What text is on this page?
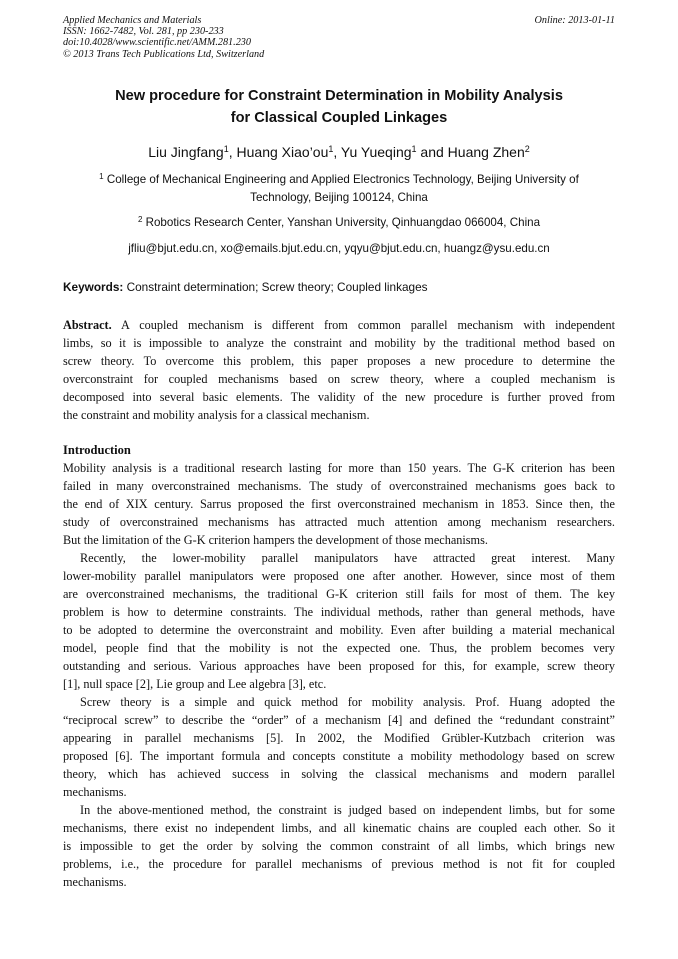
Applied Mechanics and Materials
ISSN: 1662-7482, Vol. 281, pp 230-233
doi:10.4028/www.scientific.net/AMM.281.230
© 2013 Trans Tech Publications Ltd, Switzerland
Online: 2013-01-11
New procedure for Constraint Determination in Mobility Analysis
for Classical Coupled Linkages
Liu Jingfang$^1$, Huang $Xiao’ou^1$, Yu Yueqing$^1$ and Huang Zhen$^2$
$^1$ College of Mechanical Engineering and Applied Electronics Technology, Beijing University of
Technology, Beijing 100124, China
$^2$ Robotics Research Center, Yanshan University, Qinhuangdao 066004, China
jfliu@bjut.edu.cn, xo@emails.bjut.edu.cn, yqyu@bjut.edu.cn, huangz@ysu.edu.cn
Keywords: Constraint determination; Screw theory; Coupled linkages
Abstract. A coupled mechanism is different from common parallel mechanism with independent
limbs, so it is impossible to analyze the constraint and mobility by the traditional method based on
screw theory. To overcome this problem, this paper proposes a new procedure to determine the
overconstraint for coupled mechanisms based on screw theory, where a coupled mechanism is
decomposed into several basic elements. The validity of the new procedure is further proved from
the constraint and mobility analysis for a classical mechanism.
Introduction
Mobility analysis is a traditional research lasting for more than 150 years. The G-K criterion has been
failed in many overconstrained mechanisms. The study of overconstrained mechanisms goes back to
the end of XIX century. Sarrus proposed the first overconstrained mechanism in 1853. Since then, the
study of overconstrained mechanisms has attracted much attention among mechanism researchers.
But the limitation of the G-K criterion hampers the development of those mechanisms.
Recently, the lower-mobility parallel manipulators have attracted great interest. Many
lower-mobility parallel manipulators were proposed one after another. However, since most of them
are overconstrained mechanisms, the traditional G-K criterion still fails for most of them. The key
problem is how to determine constraints. The individual methods, rather than general methods, have
to be adopted to determine the overconstraint and mobility. Even after building a material mechanical
model, people find that the mobility is not the expected one. Thus, the problem becomes very
outstanding and serious. Various approaches have been proposed for this, for example, screw theory
[1], null space [2], Lie group and Lee algebra [3], etc.
Screw theory is a simple and quick method for mobility analysis. Prof. Huang adopted the
“reciprocal screw” to describe the “order” of a mechanism [4] and defined the “redundant constraint”
appearing in parallel mechanisms [5]. In 2002, the Modified Grübler-Kutzbach criterion was
proposed [6]. The important formula and concepts constitute a mobility methodology based on screw
theory, which has achieved success in solving the classical mechanisms and modern parallel
mechanisms.
In the above-mentioned method, the constraint is judged based on independent limbs, but for some
mechanisms, there exist no independent limbs, and all kinematic chains are coupled each other. So it
is impossible to get the order by solving the common constraint of all limbs, which brings new
problems, i.e., the procedure for parallel mechanisms of previous method is not fit for coupled
mechanisms.
